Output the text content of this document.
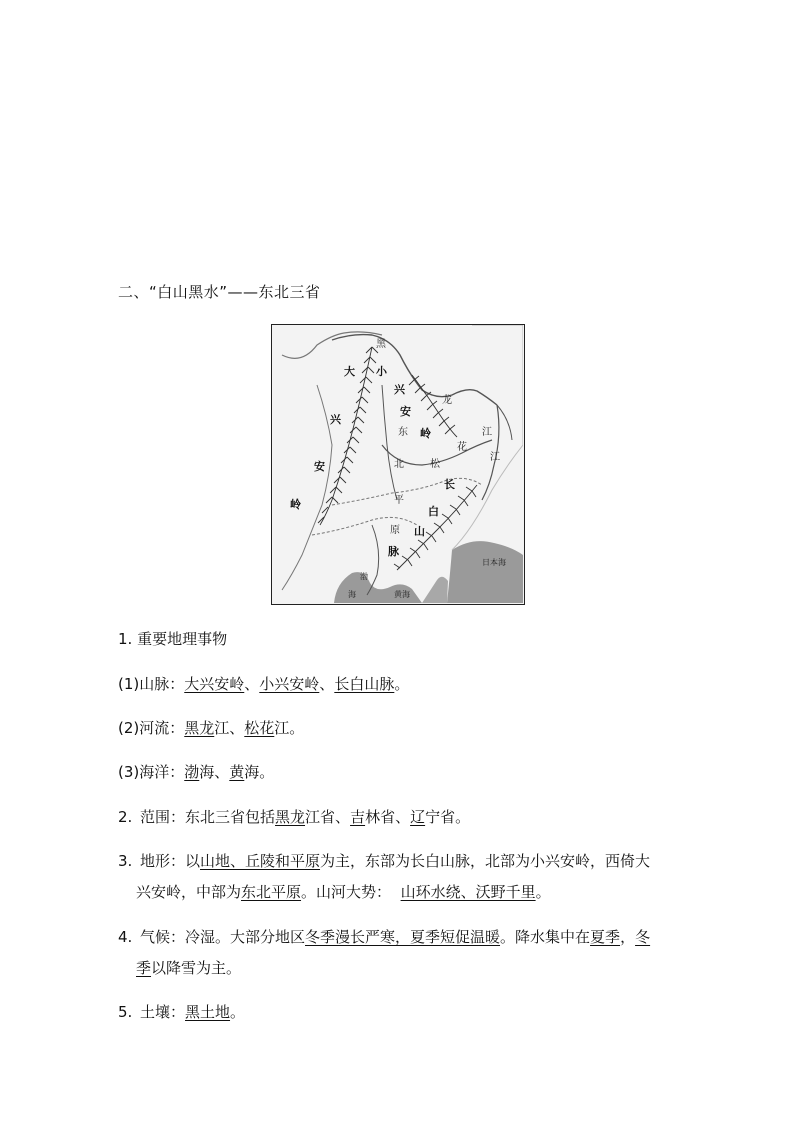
二、“白山黑水”——东北三省
大
兴
安
岭
小
兴
安
岭
长
白
山
脉
黑
龙
江
东
北
平
原
松
花
江
日本海
渤
海	黄海
1. 重要地理事物
(1)山脉：大兴安岭、小兴安岭、长白山脉。
(2)河流：黑龙江、松花江。
(3)海洋：渤海、黄海。
2. 范围：东北三省包括黑龙江省、吉林省、辽宁省。
3. 地形：以山地、丘陵和平原为主，东部为长白山脉，北部为小兴安岭，西倚大
兴安岭，中部为东北平原。山河大势： 山环水绕、沃野千里。
4. 气候：冷湿。大部分地区冬季漫长严寒，夏季短促温暖。降水集中在夏季，冬
季以降雪为主。
5. 土壤：黑土地。
